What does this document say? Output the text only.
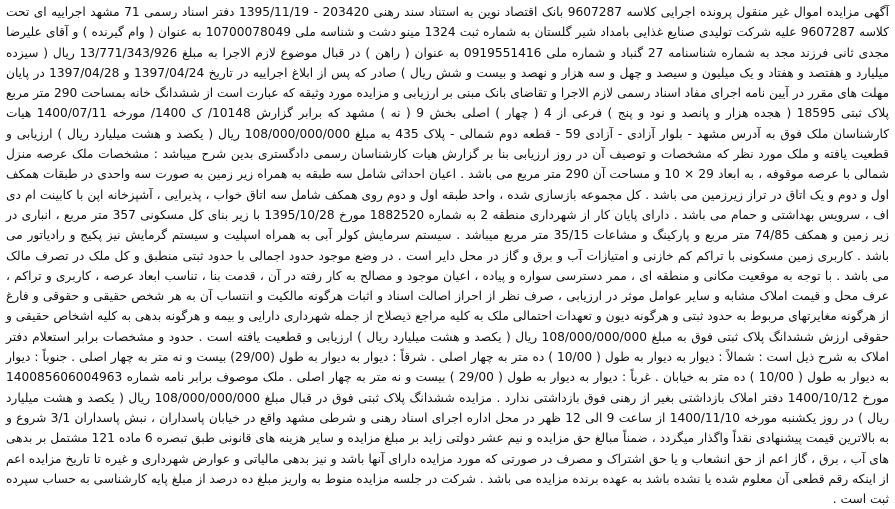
آگهی مزایده اموال غیر منقول پرونده اجرایی کلاسه 9607287 بانک اقتصاد نوین به استناد سند رهنی 203420 - 1395/11/19 دفتر اسناد رسمی 71 مشهد اجراییه ای تحت کلاسه 9607287 علیه شرکت تولیدی صنایع غذایی بامداد شیر گلستان به شماره ثبت 1324 مینو دشت و شناسه ملی 10700078049 به عنوان ( وام گیرنده ) و آقای علیرضا مجدی ثانی فرزند مجد به شماره شناسنامه 27 گنباد و شماره ملی 0919551416 به عنوان ( راهن ) در قبال موضوع لازم الاجرا به مبلغ 13/771/343/926 ریال ( سیزده میلیارد و هفتصد و هفتاد و یک میلیون و سیصد و چهل و سه هزار و نهصد و بیست و شش ریال ) صادر که پس از ابلاغ اجراییه در تاریخ 1397/04/24 و 1397/04/28 در پایان مهلت های مقرر در آیین نامه اجرای مفاد اسناد رسمی لازم الاجرا و تقاضای بانک مبنی بر ارزیابی و مزایده مورد وثیقه که عبارت است از ششدانگ خانه بمساحت 290 متر مربع پلاک ثبتی 18595 ( هجده هزار و پانصد و نود و پنج ) فرعی از 4 ( چهار ) اصلی بخش 9 ( نه ) مشهد که برابر گزارش 10148/ ک 1400/ مورخه 1400/07/11 هیات کارشناسان ملک فوق به آدرس مشهد - بلوار آزادی - آزادی 59 - قطعه دوم شمالی - پلاک 435 به مبلغ 108/000/000/000 ریال ( یکصد و هشت میلیارد ریال ) ارزیابی و قطعیت یافته و ملک مورد نظر که مشخصات و توصیف آن در روز ارزیابی بنا بر گزارش هیات کارشناسان رسمی دادگستری بدین شرح میباشد : مشخصات ملک عرصه منزل شمالی با عرصه موقوفه ، به ابعاد 29 × 10 و مساحت آن 290 متر مربع می باشد . اعیان احداثی شامل سه طبقه به همراه زیر زمین به صورت سه واحدی در طبقات همکف اول و دوم و یک اتاق در تراز زیرزمین می باشد . کل مجموعه بازسازی شده ، واحد طبقه اول و دوم روی همکف شامل سه اتاق خواب ، پذیرایی ، آشپزخانه اپن با کابینت ام دی اف ، سرویس بهداشتی و حمام می باشد . دارای پایان کار از شهرداری منطقه 2 به شماره 1882520 مورخ 1395/10/28 با زیر بنای کل مسکونی 357 متر مربع ، انباری در زیر زمین و همکف 74/85 متر مربع و پارکینگ و مشاعات 35/15 متر مربع میباشد . سیستم سرمایش کولر آبی به همراه اسپلیت و سیستم گرمایش نیز پکیج و رادیاتور می باشد . کاربری زمین مسکونی با تراکم کم خازنی و امتیازات آب و برق و گاز در محل دایر است . در وضع موجود حدود اجمالی با حدود ثبتی منطبق و کل ملک در تصرف مالک می باشد . با توجه به موقعیت مکانی و منطقه ای ، ممر دسترسی سواره و پیاده ، اعیان موجود و مصالح به کار رفته در آن ، قدمت بنا ، تناسب ابعاد عرصه ، کاربری و تراکم ، عرف محل و قیمت املاک مشابه و سایر عوامل موثر در ارزیابی ، صرف نظر از احراز اصالت اسناد و اثبات هرگونه مالکیت و انتساب آن به هر شخص حقیقی و حقوقی و فارغ از هرگونه مغایرتهای مربوط به حدود ثبتی و هرگونه دیون و تعهدات احتمالی ملک به کلیه مراجع ذیصلاح از جمله شهرداری دارایی و بیمه و هرگونه بدهی به کلیه اشخاص حقیقی و حقوقی ارزش ششدانگ پلاک ثبتی فوق به مبلغ 108/000/000/000 ریال ( یکصد و هشت میلیارد ریال ) ارزیابی و قطعیت یافته است . حدود و مشخصات برابر استعلام دفتر املاک به شرح ذیل است : شمالاً : دیوار به دیوار به طول ( 10/00 ) ده متر به چهار اصلی . شرقاً : دیوار به دیوار به طول (29/00) بیست و نه متر به چهار اصلی . جنوباً : دیوار به دیوار به طول ( 10/00 ) ده متر به خیابان . غرباً : دیوار به دیوار به طول ( 29/00 ) بیست و نه متر به چهار اصلی . ملک موصوف برابر نامه شماره 140085606004963 مورخ 1400/10/12 دفتر املاک بازداشتی بغیر از رهنی فوق بازداشتی ندارد . مزایده ششدانگ پلاک ثبتی فوق در قبال مبلغ 108/000/000/000 ریال ( یکصد و هشت میلیارد ریال ) در روز یکشنبه مورخه 1400/11/10 از ساعت 9 الی 12 ظهر در محل اداره اجرای اسناد رهنی و شرطی مشهد واقع در خیابان پاسداران ، نبش پاسداران 3/1 شروع و به بالاترین قیمت پیشنهادی نقداً واگذار میگردد ، ضمناً مبالغ حق مزایده و نیم عشر دولتی زاید بر مبلغ مزایده و سایر هزینه های قانونی طبق تبصره 6 ماده 121 مشتمل بر بدهی های آب ، برق ، گاز اعم از حق انشعاب و یا حق اشتراک و مصرف در صورتی که مورد مزایده دارای آنها باشد و نیز بدهی مالیاتی و عوارض شهرداری و غیره تا تاریخ مزایده اعم از اینکه رقم قطعی آن معلوم شده یا نشده باشد به عهده برنده مزایده می باشد . شرکت در جلسه مزایده منوط به واریز مبلغ ده درصد از مبلغ پایه کارشناسی به حساب سپرده ثبت است .
